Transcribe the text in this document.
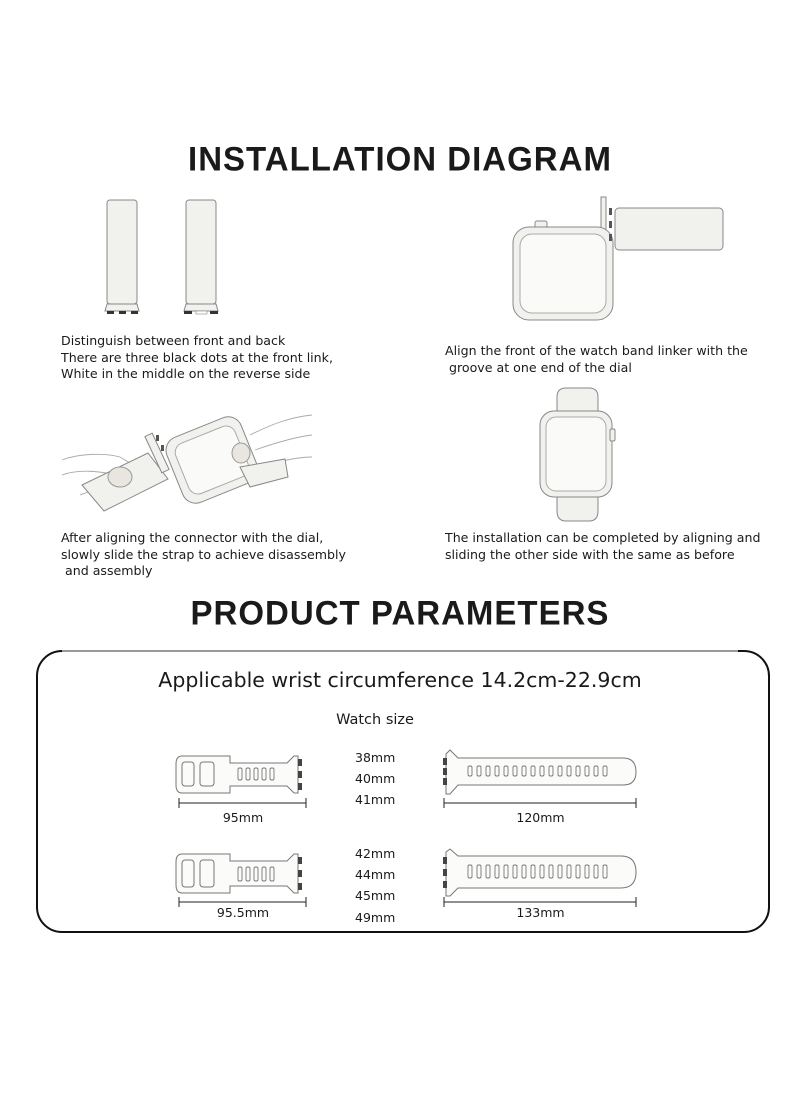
INSTALLATION DIAGRAM
Distinguish between front and back
There are three black dots at the front link,
White in the middle on the reverse side
Align the front of the watch band linker with the
groove at one end of the dial
After aligning the connector with the dial,
slowly slide the strap to achieve disassembly
and assembly
The installation can be completed by aligning and
sliding the other side with the same as before
PRODUCT PARAMETERS
Applicable wrist circumference 14.2cm-22.9cm
Watch size
95mm
38mm
40mm
41mm
120mm
95.5mm
42mm
44mm
45mm
49mm	133mm
